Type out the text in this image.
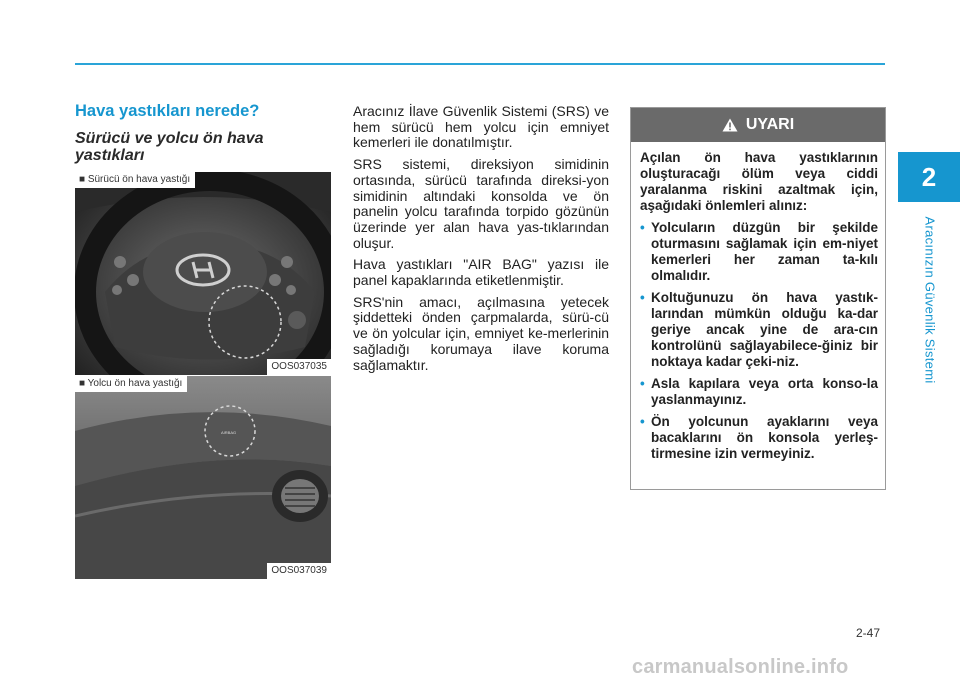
2
Aracınızın Güvenlik Sistemi
Hava yastıkları nerede?
Sürücü ve yolcu ön hava yastıkları
■ Sürücü ön hava yastığı
OOS037035
AIRBAG
■ Yolcu ön hava yastığı
OOS037039

Aracınız İlave Güvenlik Sistemi (SRS) ve hem sürücü hem yolcu için emniyet kemerleri ile donatılmıştır.

SRS sistemi, direksiyon simidinin ortasında, sürücü tarafında direksi-yon simidinin altındaki konsolda ve ön panelin yolcu tarafında torpido gözünün üzerinde yer alan hava yas-tıklarından oluşur.

Hava yastıkları "AIR BAG" yazısı ile panel kapaklarında etiketlenmiştir.

SRS'nin amacı, açılmasına yetecek şiddetteki önden çarpmalarda, sürü-cü ve ön yolcular için, emniyet ke-merlerinin sağladığı korumaya ilave koruma sağlamaktır.

UYARI

Açılan ön hava yastıklarının oluşturacağı ölüm veya ciddi yaralanma riskini azaltmak için, aşağıdaki önlemleri alınız:

• Yolcuların düzgün bir şekilde oturmasını sağlamak için em-niyet kemerleri her zaman ta-kılı olmalıdır.
• Koltuğunuzu ön hava yastık-larından mümkün olduğu ka-dar geriye ancak yine de ara-cın kontrolünü sağlayabilece-ğiniz bir noktaya kadar çeki-niz.
• Asla kapılara veya orta konso-la yaslanmayınız.
• Ön yolcunun ayaklarını veya bacaklarını ön konsola yerleş-tirmesine izin vermeyiniz.
2-47
carmanualsonline.info
